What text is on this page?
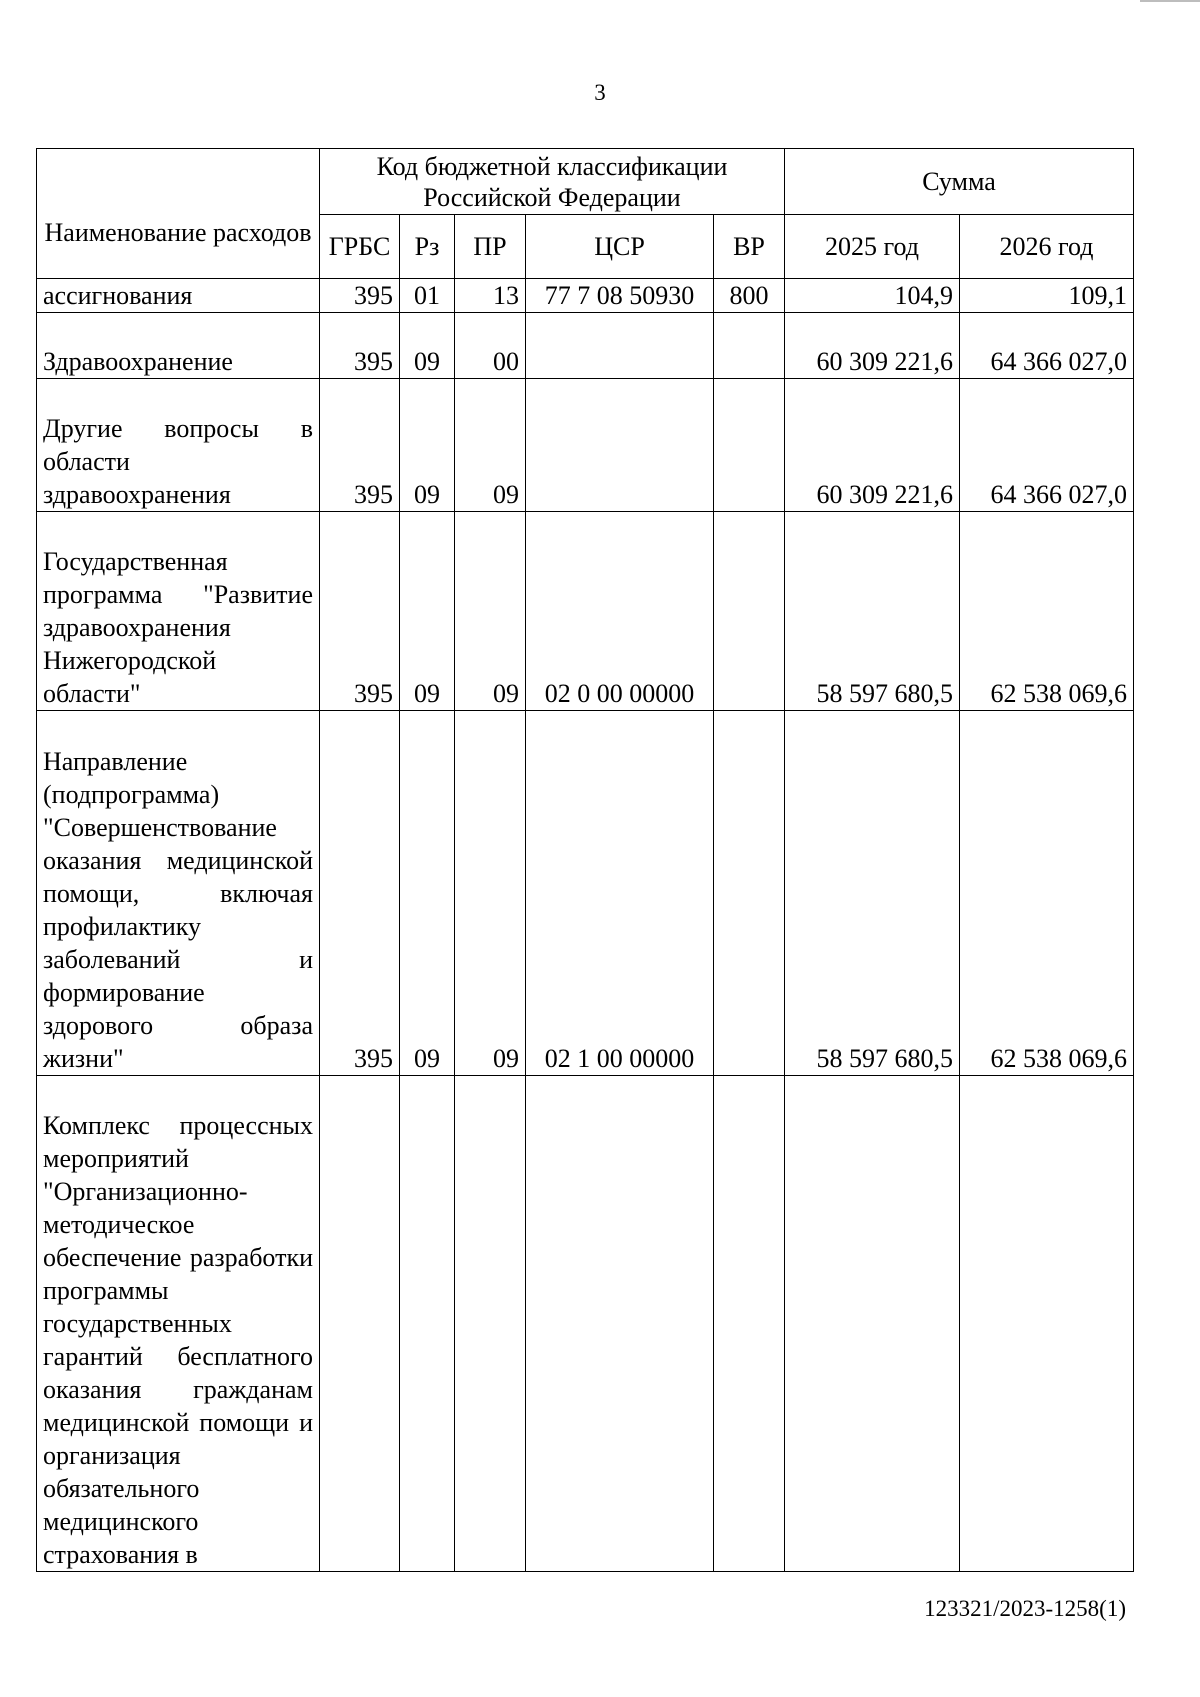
3
Наименование расходов	Код бюджетной классификации Российской Федерации					Сумма	
	ГРБС	Рз	ПР	ЦСР	ВР	2025 год	2026 год
ассигнования	395	01	13	77 7 08 50930	800	104,9	109,1
Здравоохранение	395	09	00			60 309 221,6	64 366 027,0
Другие вопросы в области здравоохранения	395	09	09			60 309 221,6	64 366 027,0
Государственная программа "Развитие здравоохранения Нижегородской области"	395	09	09	02 0 00 00000		58 597 680,5	62 538 069,6
Направление (подпрограмма) "Совершенствование оказания медицинской помощи, включая профилактику заболеваний и формирование здорового образа жизни"	395	09	09	02 1 00 00000		58 597 680,5	62 538 069,6
Комплекс процессных мероприятий "Организационно-методическое обеспечение разработки программы государственных гарантий бесплатного оказания гражданам медицинской помощи и организация обязательного медицинского страхования в							
123321/2023-1258(1)
